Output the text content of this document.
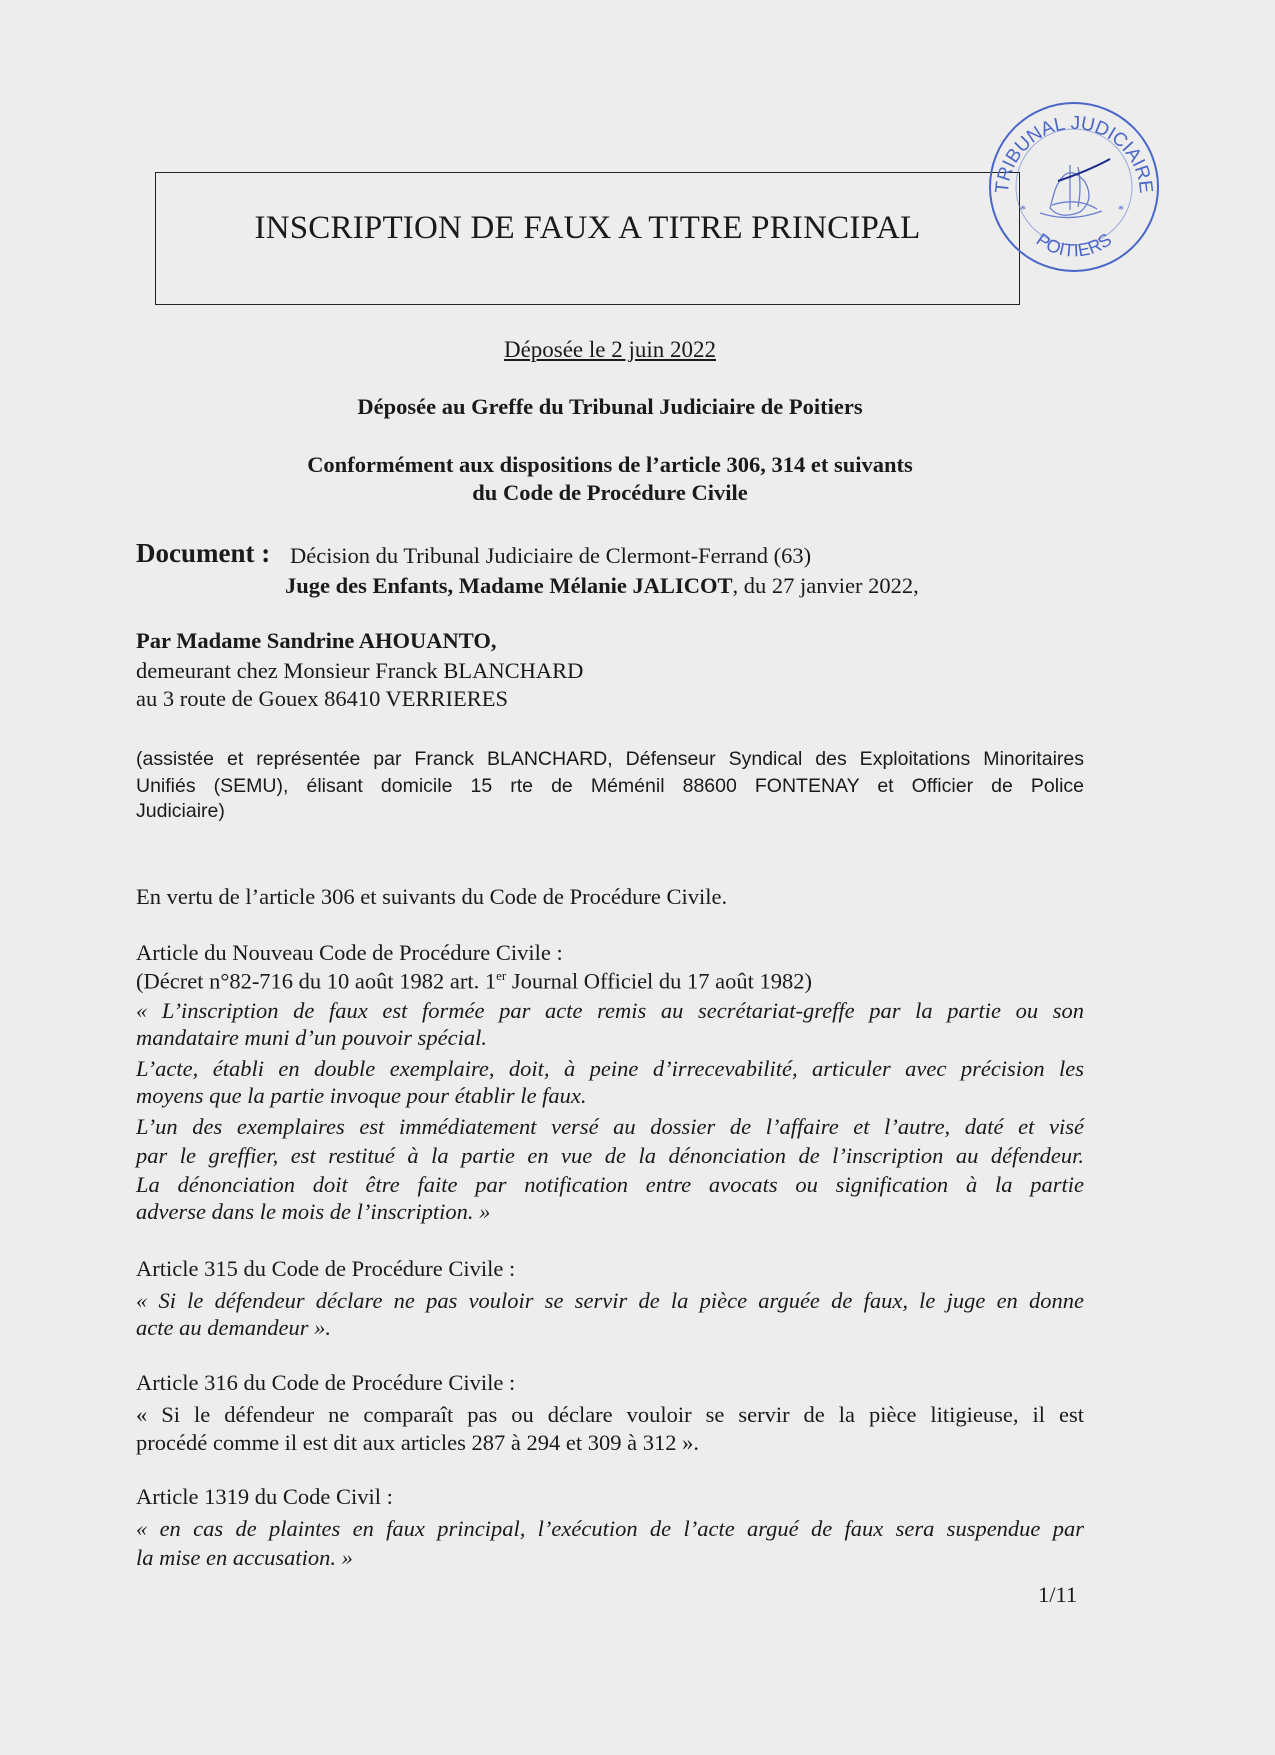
INSCRIPTION DE FAUX A TITRE PRINCIPAL
TRIBUNAL JUDICIAIRE
POITIERS
*	*
Déposée le 2 juin 2022
Déposée au Greffe du Tribunal Judiciaire de Poitiers
Conformément aux dispositions de l’article 306, 314 et suivants
du Code de Procédure Civile
Document : Décision du Tribunal Judiciaire de Clermont-Ferrand (63)
Juge des Enfants, Madame Mélanie JALICOT, du 27 janvier 2022,
Par Madame Sandrine AHOUANTO,
demeurant chez Monsieur Franck BLANCHARD
au 3 route de Gouex 86410 VERRIERES
(assistée et représentée par Franck BLANCHARD, Défenseur Syndical des Exploitations Minoritaires
Unifiés (SEMU), élisant domicile 15 rte de Méménil 88600 FONTENAY et Officier de Police
Judiciaire)
En vertu de l’article 306 et suivants du Code de Procédure Civile.
Article du Nouveau Code de Procédure Civile :
(Décret n°82-716 du 10 août 1982 art. 1er Journal Officiel du 17 août 1982)
« L’inscription de faux est formée par acte remis au secrétariat-greffe par la partie ou son
mandataire muni d’un pouvoir spécial.
L’acte, établi en double exemplaire, doit, à peine d’irrecevabilité, articuler avec précision les
moyens que la partie invoque pour établir le faux.
L’un des exemplaires est immédiatement versé au dossier de l’affaire et l’autre, daté et visé
par le greffier, est restitué à la partie en vue de la dénonciation de l’inscription au défendeur.
La dénonciation doit être faite par notification entre avocats ou signification à la partie
adverse dans le mois de l’inscription. »
Article 315 du Code de Procédure Civile :
« Si le défendeur déclare ne pas vouloir se servir de la pièce arguée de faux, le juge en donne
acte au demandeur ».
Article 316 du Code de Procédure Civile :
« Si le défendeur ne comparaît pas ou déclare vouloir se servir de la pièce litigieuse, il est
procédé comme il est dit aux articles 287 à 294 et 309 à 312 ».
Article 1319 du Code Civil :
« en cas de plaintes en faux principal, l’exécution de l’acte argué de faux sera suspendue par
la mise en accusation. »
1/11
